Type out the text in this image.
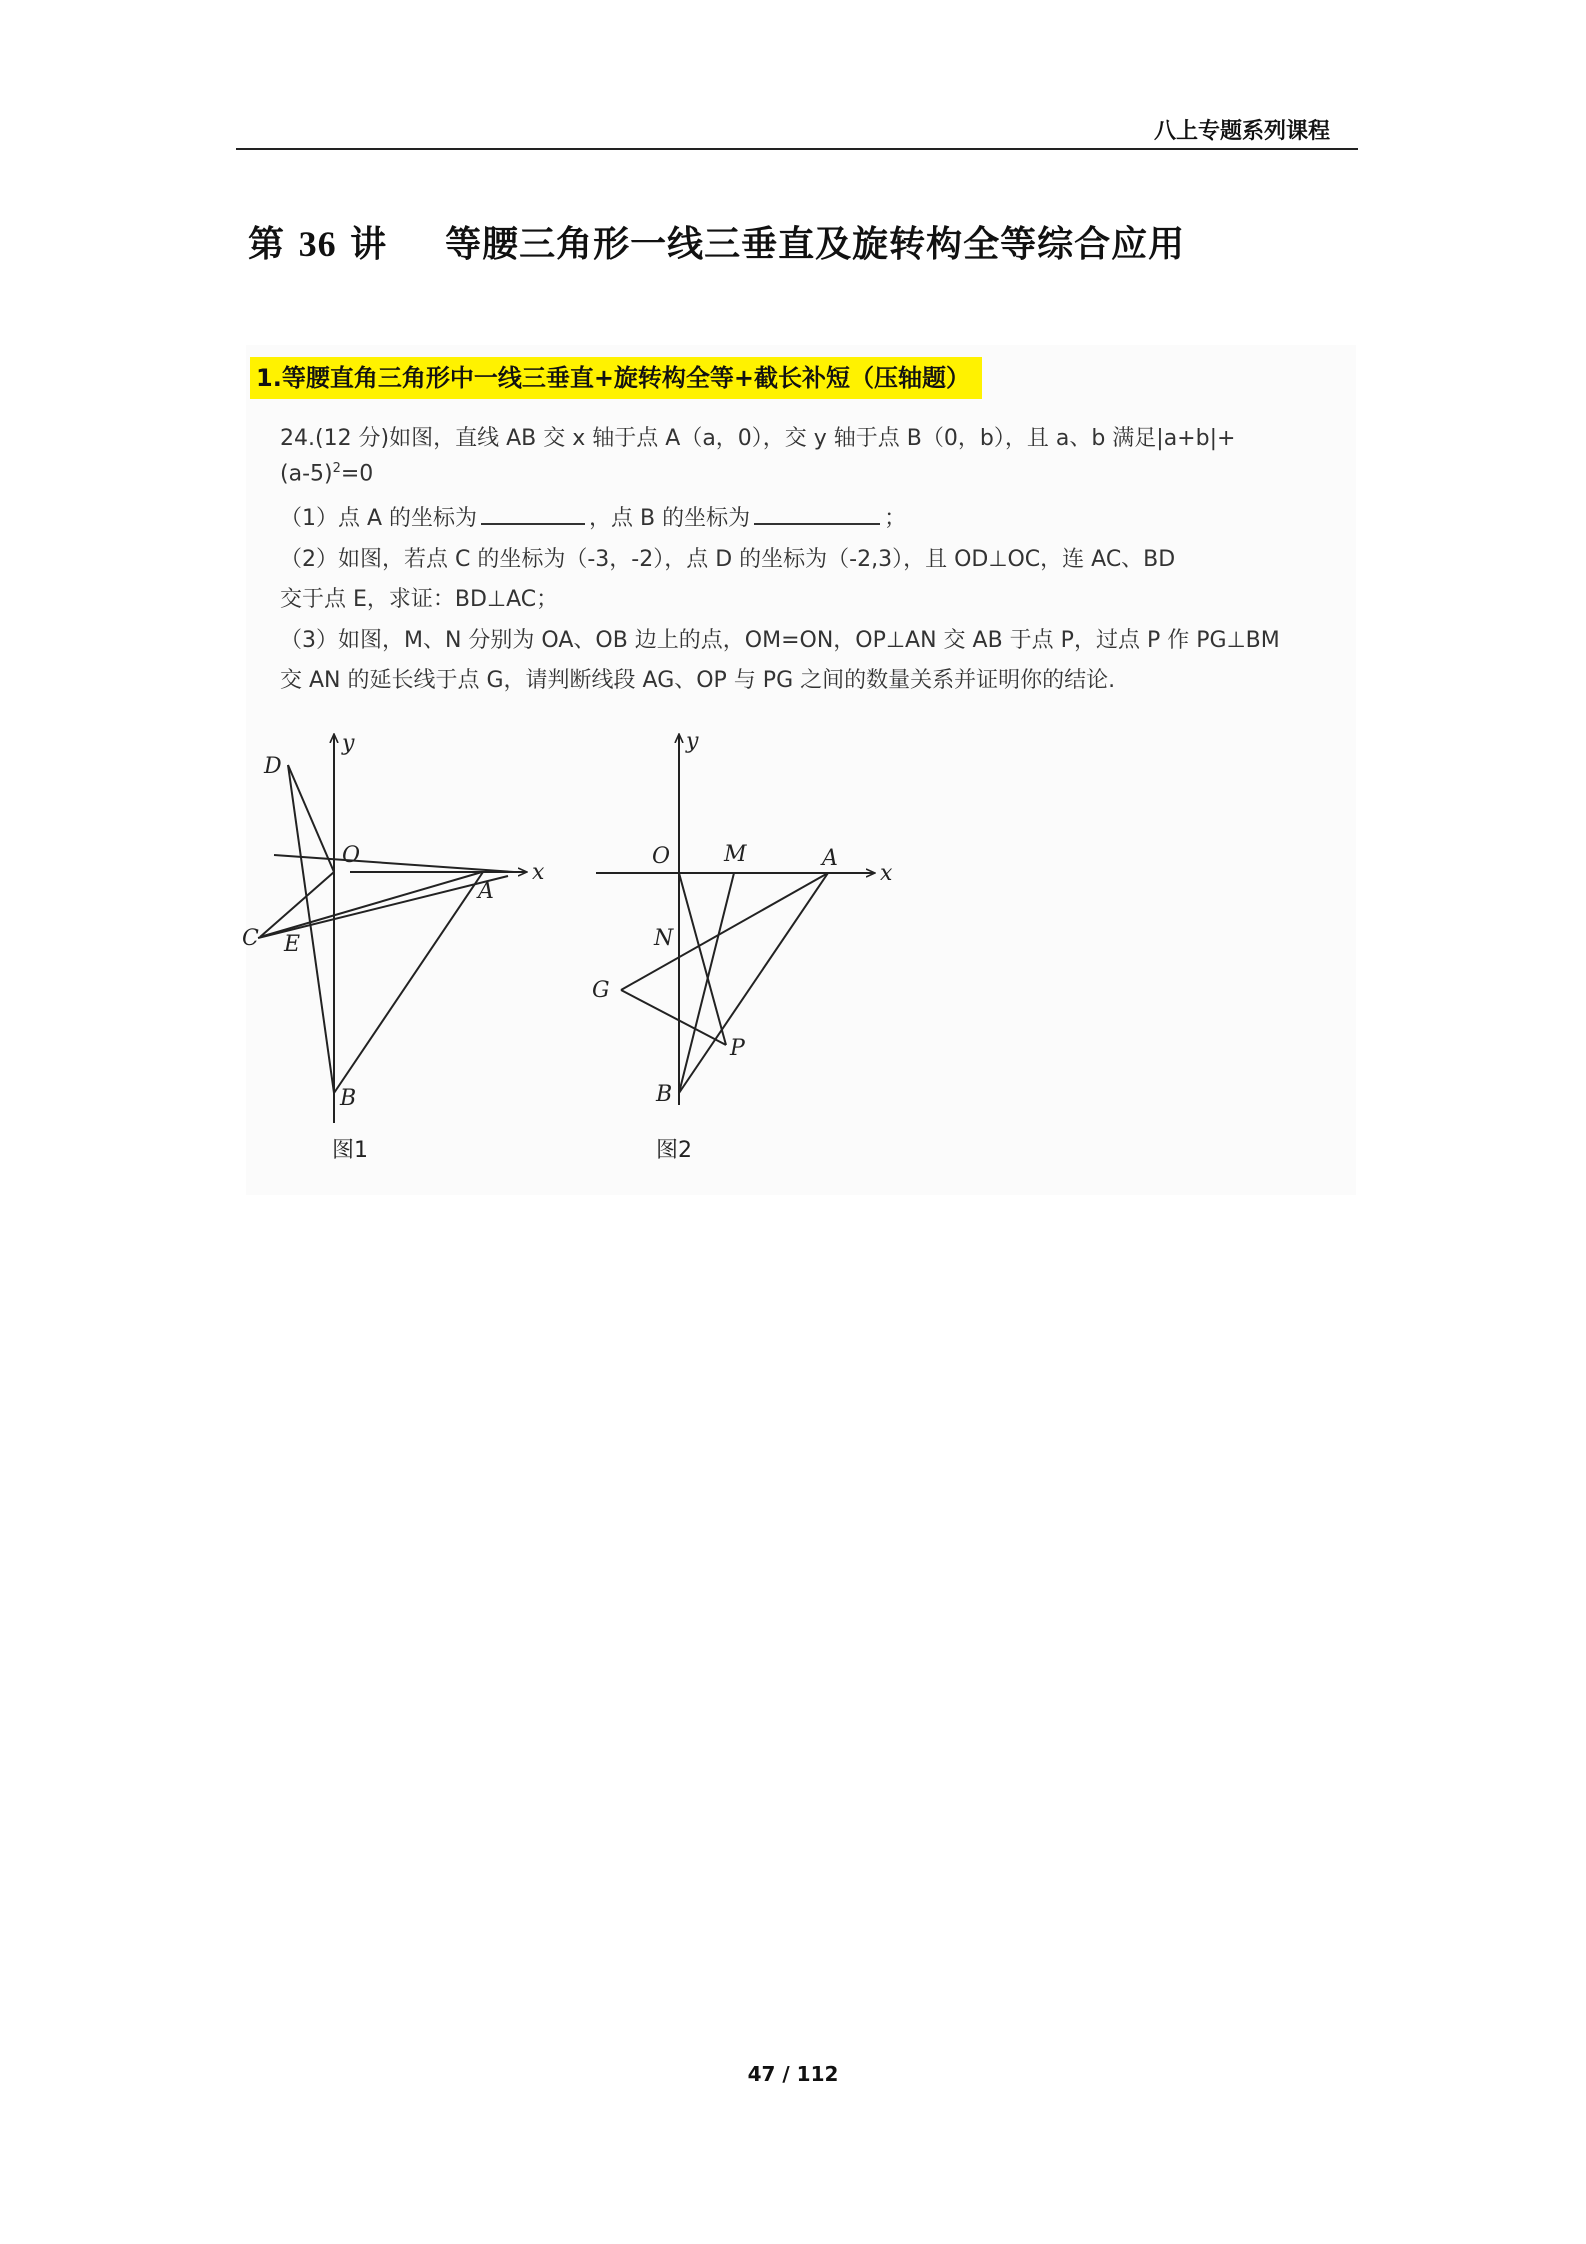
八上专题系列课程
第 36 讲 等腰三角形一线三垂直及旋转构全等综合应用
1.等腰直角三角形中一线三垂直+旋转构全等+截长补短（压轴题）
24.(12 分)如图，直线 AB 交 x 轴于点 A（a，0），交 y 轴于点 B（0，b），且 a、b 满足|a+b|+
$(a-5)^2=0$
（1）点 A 的坐标为	，点 B 的坐标为	；
（2）如图，若点 C 的坐标为（-3，-2），点 D 的坐标为（-2,3），且 OD⊥OC，连 AC、BD
交于点 E，求证：BD⊥AC；
（3）如图，M、N 分别为 OA、OB 边上的点，OM=ON，OP⊥AN 交 AB 于点 P，过点 P 作 PG⊥BM
交 AN 的延长线于点 G，请判断线段 AG、OP 与 PG 之间的数量关系并证明你的结论.
y
x
O
A
B
C
D
E
图1
y
x
O M	A
N
G
P
B
图2
47 / 112
